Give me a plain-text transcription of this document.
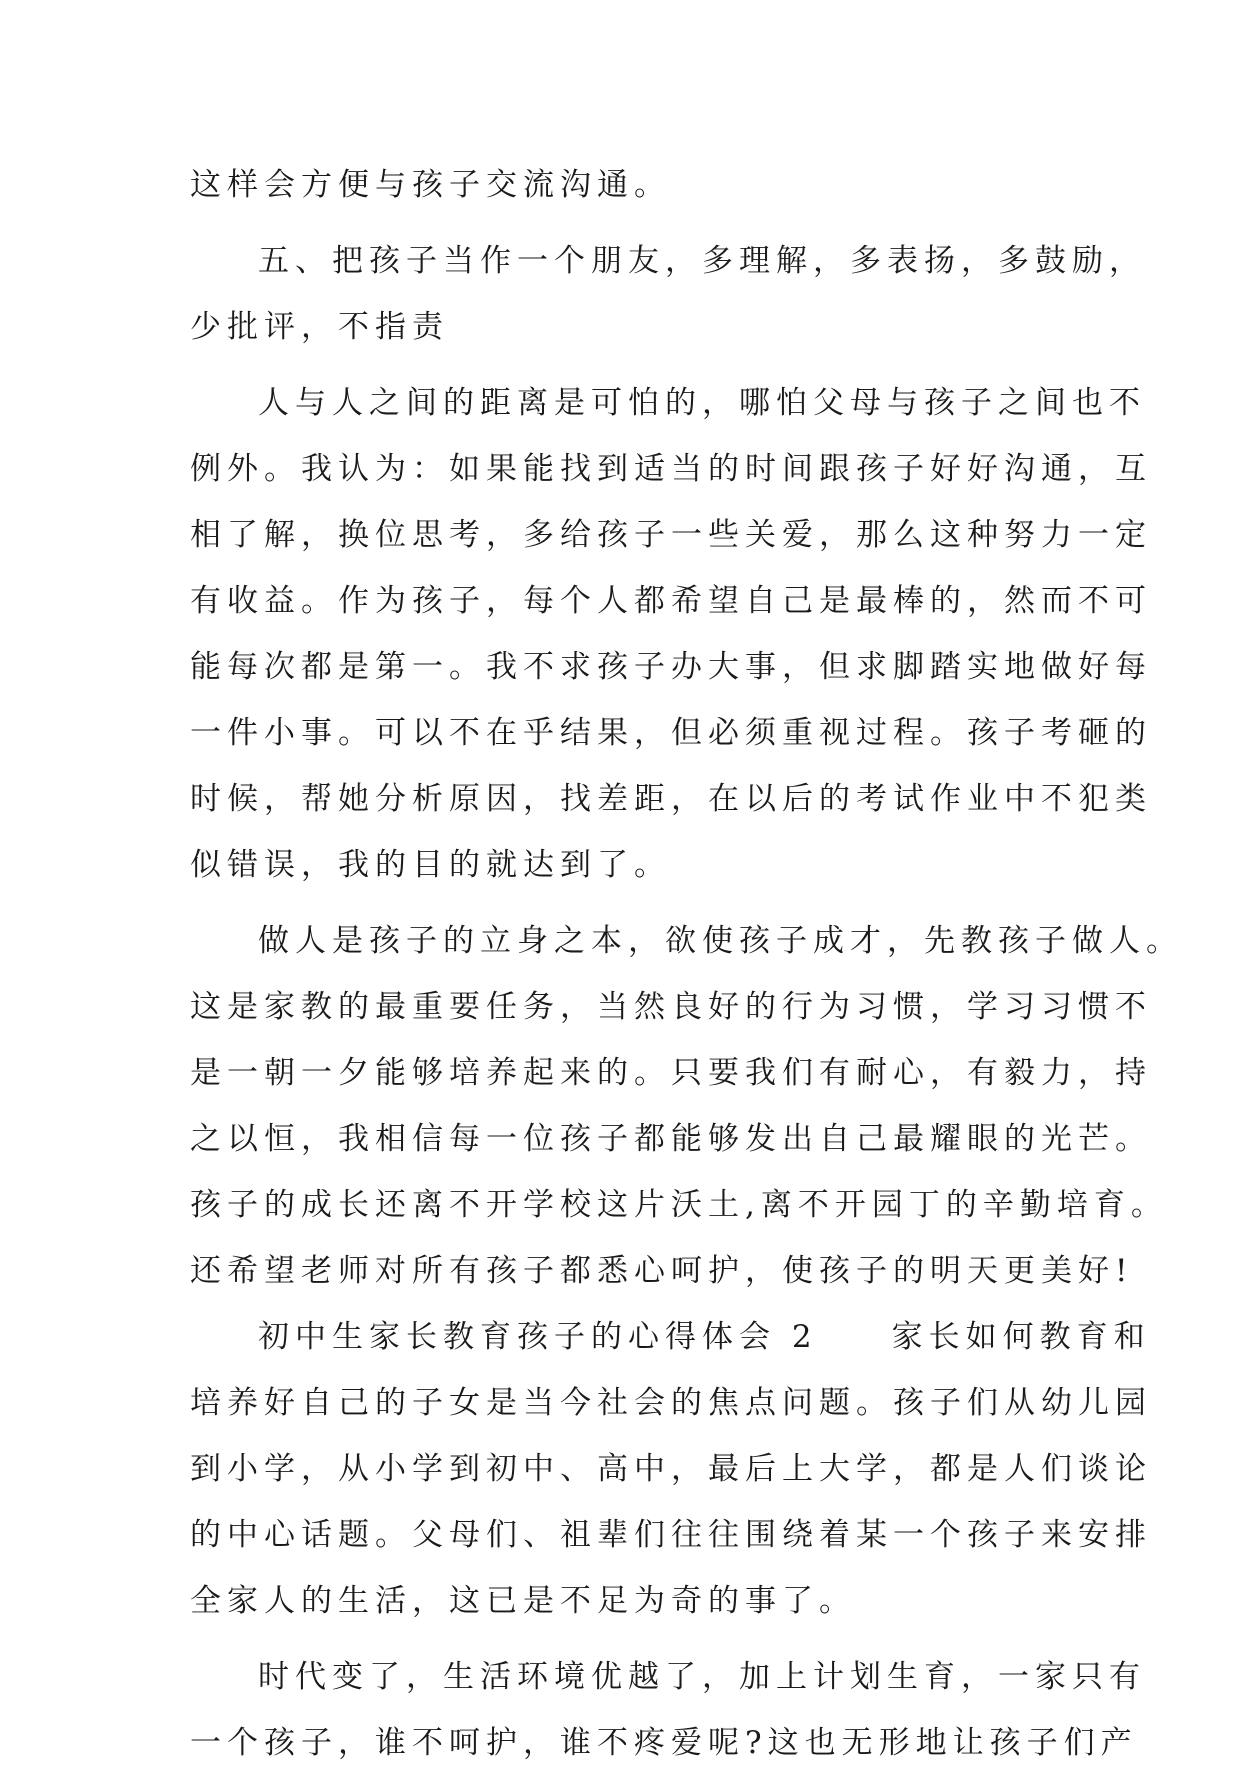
这样会方便与孩子交流沟通。
五、把孩子当作一个朋友，多理解，多表扬，多鼓励，
少批评，不指责
人与人之间的距离是可怕的，哪怕父母与孩子之间也不
例外。我认为：如果能找到适当的时间跟孩子好好沟通，互
相了解，换位思考，多给孩子一些关爱，那么这种努力一定
有收益。作为孩子，每个人都希望自己是最棒的，然而不可
能每次都是第一。我不求孩子办大事，但求脚踏实地做好每
一件小事。可以不在乎结果，但必须重视过程。孩子考砸的
时候，帮她分析原因，找差距，在以后的考试作业中不犯类
似错误，我的目的就达到了。
做人是孩子的立身之本，欲使孩子成才，先教孩子做人。
这是家教的最重要任务，当然良好的行为习惯，学习习惯不
是一朝一夕能够培养起来的。只要我们有耐心，有毅力，持
之以恒，我相信每一位孩子都能够发出自己最耀眼的光芒。
孩子的成长还离不开学校这片沃土,离不开园丁的辛勤培育。
还希望老师对所有孩子都悉心呵护，使孩子的明天更美好!
初中生家长教育孩子的心得体会 2　　家长如何教育和
培养好自己的子女是当今社会的焦点问题。孩子们从幼儿园
到小学，从小学到初中、高中，最后上大学，都是人们谈论
的中心话题。父母们、祖辈们往往围绕着某一个孩子来安排
全家人的生活，这已是不足为奇的事了。
时代变了，生活环境优越了，加上计划生育，一家只有
一个孩子，谁不呵护，谁不疼爱呢?这也无形地让孩子们产
